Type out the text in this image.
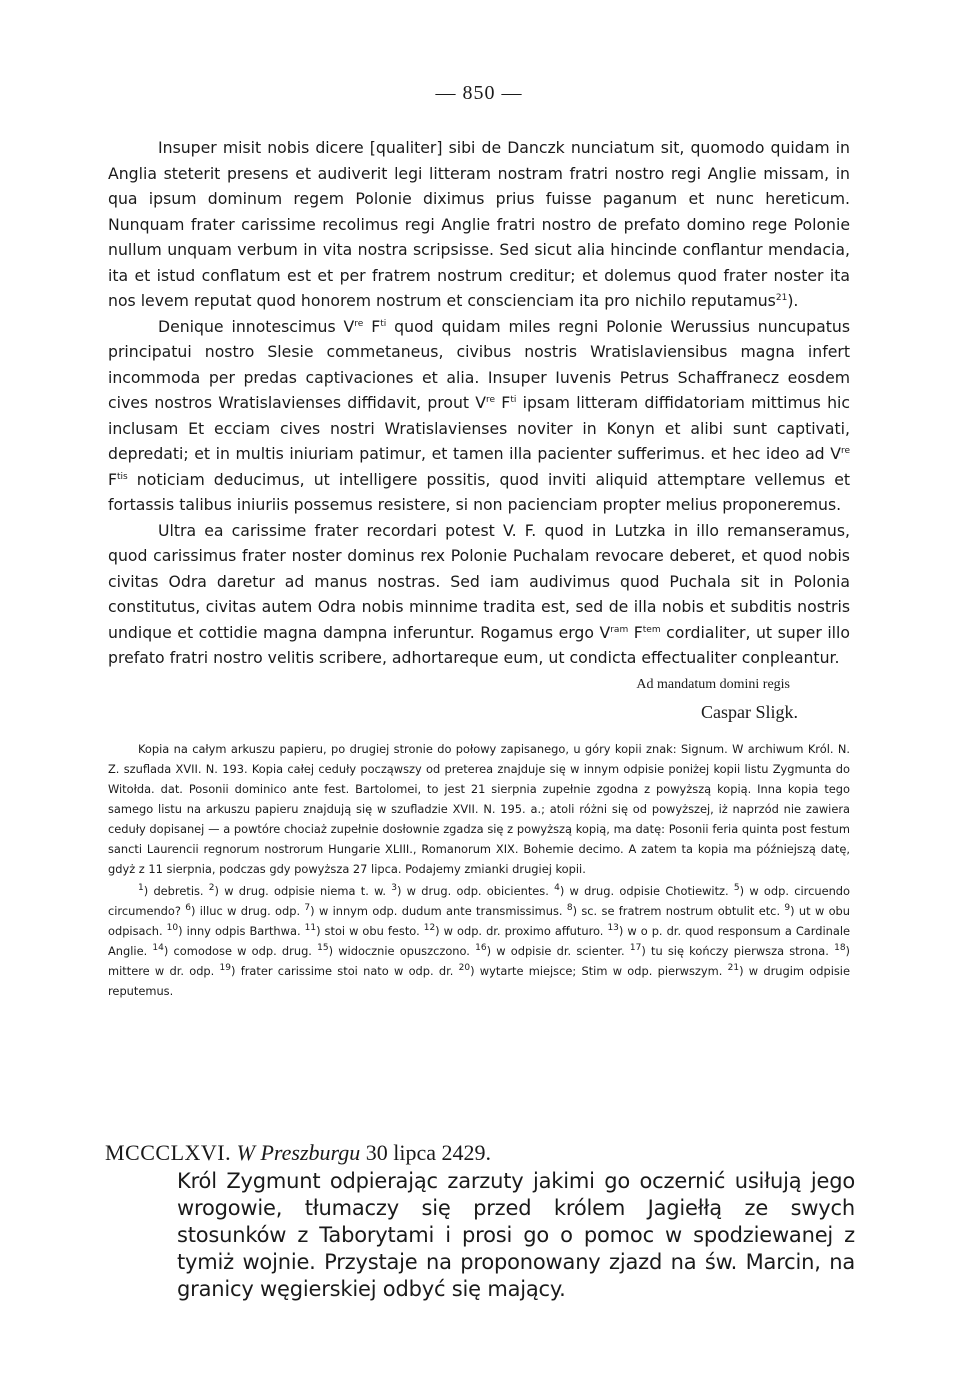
— 850 —

Insuper misit nobis dicere [qualiter] sibi de Danczk nunciatum sit, quomodo quidam in Anglia steterit presens et audiverit legi litteram nostram fratri nostro regi Anglie missam, in qua ipsum dominum regem Polonie diximus prius fuisse paganum et nunc hereticum. Nunquam frater carissime recolimus regi Anglie fratri nostro de prefato domino rege Polonie nullum unquam verbum in vita nostra scripsisse. Sed sicut alia hincinde conflantur mendacia, ita et istud conflatum est et per fratrem nostrum creditur; et dolemus quod frater noster ita nos levem reputat quod honorem nostrum et conscienciam ita pro nichilo reputamus$^{21}$).

Denique innotescimus Vre $F^{ti}$ quod quidam miles regni Polonie Werussius nuncupatus principatui nostro Slesie commetaneus, civibus nostris Wratislaviensibus magna infert incommoda per predas captivaciones et alia. Insuper Iuvenis Petrus Schaffranecz eosdem cives nostros Wratislavienses diffidavit, prout Vre $F^{ti}$ ipsam litteram diffidatoriam mittimus hic inclusam Et ecciam cives nostri Wratislavienses noviter in Konyn et alibi sunt captivati, depredati; et in multis iniuriam patimur, et tamen illa pacienter sufferimus. et hec ideo ad Vre $F^{tis}$ noticiam deducimus, ut intelligere possitis, quod inviti aliquid attemptare vellemus et fortassis talibus iniuriis possemus resistere, si non pacienciam propter melius proponeremus.

Ultra ea carissime frater recordari potest V. F. quod in Lutzka in illo remanseramus, quod carissimus frater noster dominus rex Polonie Puchalam revocare deberet, et quod nobis civitas Odra daretur ad manus nostras. Sed iam audivimus quod Puchala sit in Polonia constitutus, civitas autem Odra nobis minnime tradita est, sed de illa nobis et subditis nostris undique et cottidie magna dampna inferuntur. Rogamus ergo $V^{ram}$ $F^{tem}$ cordialiter, ut super illo prefato fratri nostro velitis scribere, adhortareque eum, ut condicta effectualiter conpleantur.

Ad mandatum domini regis
Caspar Sligk.

Kopia na całym arkuszu papieru, po drugiej stronie do połowy zapisanego, u góry kopii znak: Signum. W archiwum Król. N. Z. szuflada XVII. N. 193. Kopia całej ceduły począwszy od preterea znajduje się w innym odpisie poniżej kopii listu Zygmunta do Witołda. dat. Posonii dominico ante fest. Bartolomei, to jest 21 sierpnia zupełnie zgodna z powyższą kopią. Inna kopia tego samego listu na arkuszu papieru znajdują się w szufladzie XVII. N. 195. a.; atoli różni się od powyższej, iż naprzód nie zawiera ceduły dopisanej — a powtóre chociaż zupełnie dosłownie zgadza się z powyższą kopią, ma datę: Posonii feria quinta post festum sancti Laurencii regnorum nostrorum Hungarie XLIII., Romanorum XIX. Bohemie decimo. A zatem ta kopia ma późniejszą datę, gdyż z 11 sierpnia, podczas gdy powyższa 27 lipca. Podajemy zmianki drugiej kopii.

$^1$) debretis. $^2$) w drug. odpisie niema t. w. $^3$) w drug. odp. obicientes. $^4$) w drug. odpisie Chotiewitz. $^5$) w odp. circuendo circumendo? $^6$) illuc w drug. odp. $^7$) w innym odp. dudum ante transmissimus. $^8$) sc. se fratrem nostrum obtulit etc. $^9$) ut w obu odpisach. $^{10}$) inny odpis Barthwa. $^{11}$) stoi w obu festo. $^{12}$) w odp. dr. proximo affuturo. $^{13}$) w o p. dr. quod responsum a Cardinale Anglie. $^{14}$) comodose w odp. drug. $^{15}$) widocznie opuszczono. $^{16}$) w odpisie dr. scienter. $^{17}$) tu się kończy pierwsza strona. $^{18}$) mittere w dr. odp. $^{19}$) frater carissime stoi nato w odp. dr. $^{20}$) wytarte miejsce; Stim w odp. pierwszym. $^{21}$) w drugim odpisie reputemus.

MCCCLXVI. W Preszburgu 30 lipca 2429.

Król Zygmunt odpierając zarzuty jakimi go oczernić usiłują jego wrogowie, tłumaczy się przed królem Jagiełłą ze swych stosunków z Taborytami i prosi go o pomoc w spodziewanej z tymiż wojnie. Przystaje na proponowany zjazd na św. Marcin, na granicy węgierskiej odbyć się mający.
